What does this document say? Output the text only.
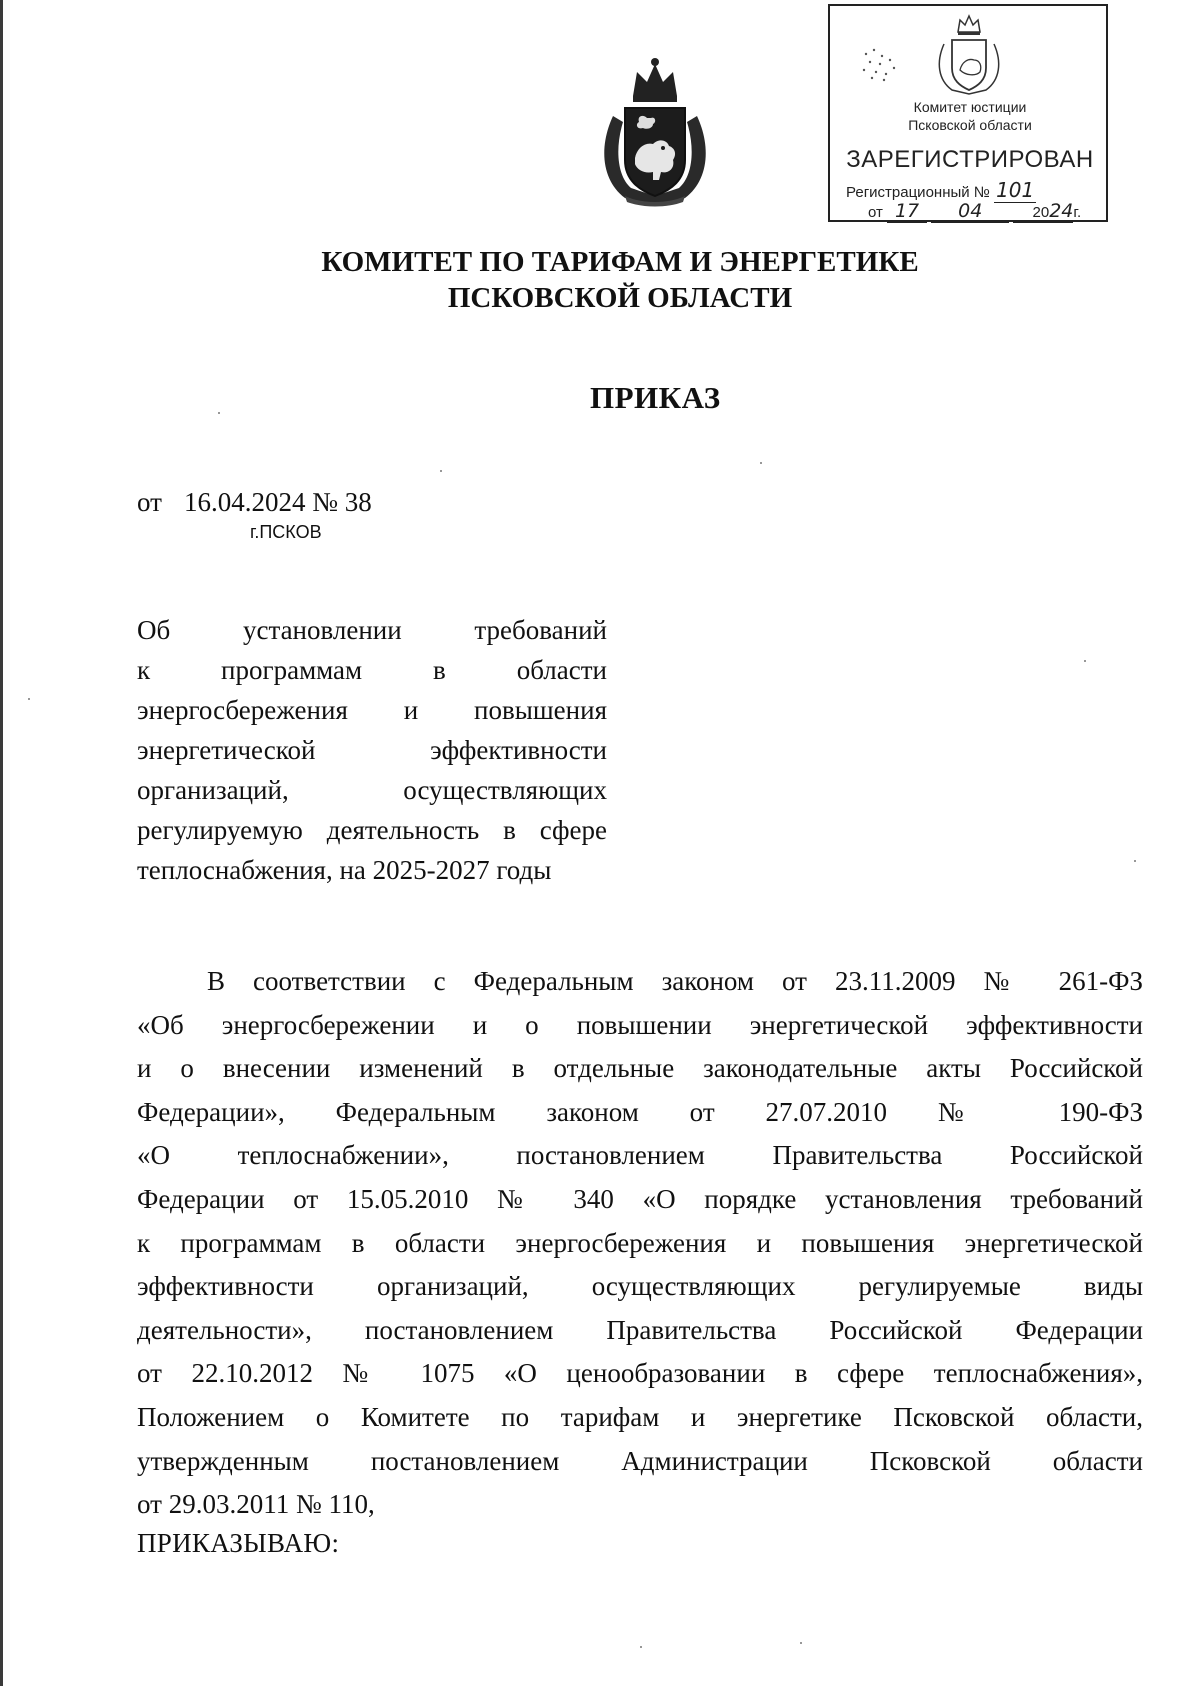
Комитет юстиции
Псковской области
ЗАРЕГИСТРИРОВАН
Регистрационный № 101
от 17 04	2024г.
КОМИТЕТ ПО ТАРИФАМ И ЭНЕРГЕТИКЕ
ПСКОВСКОЙ ОБЛАСТИ
ПРИКАЗ
от 16.04.2024 № 38
г.ПСКОВ
Об установлении требований
к программам в области
энергосбережения и повышения
энергетической эффективности
организаций, осуществляющих
регулируемую деятельность в сфере
теплоснабжения, на 2025-2027 годы
В соответствии с Федеральным законом от 23.11.2009 № 261-ФЗ
«Об энергосбережении и о повышении энергетической эффективности
и о внесении изменений в отдельные законодательные акты Российской
Федерации», Федеральным законом от 27.07.2010 № 190-ФЗ
«О теплоснабжении», постановлением Правительства Российской
Федерации от 15.05.2010 № 340 «О порядке установления требований
к программам в области энергосбережения и повышения энергетической
эффективности организаций, осуществляющих регулируемые виды
деятельности», постановлением Правительства Российской Федерации
от 22.10.2012 № 1075 «О ценообразовании в сфере теплоснабжения»,
Положением о Комитете по тарифам и энергетике Псковской области,
утвержденным постановлением Администрации Псковской области
от 29.03.2011 № 110,
ПРИКАЗЫВАЮ:
